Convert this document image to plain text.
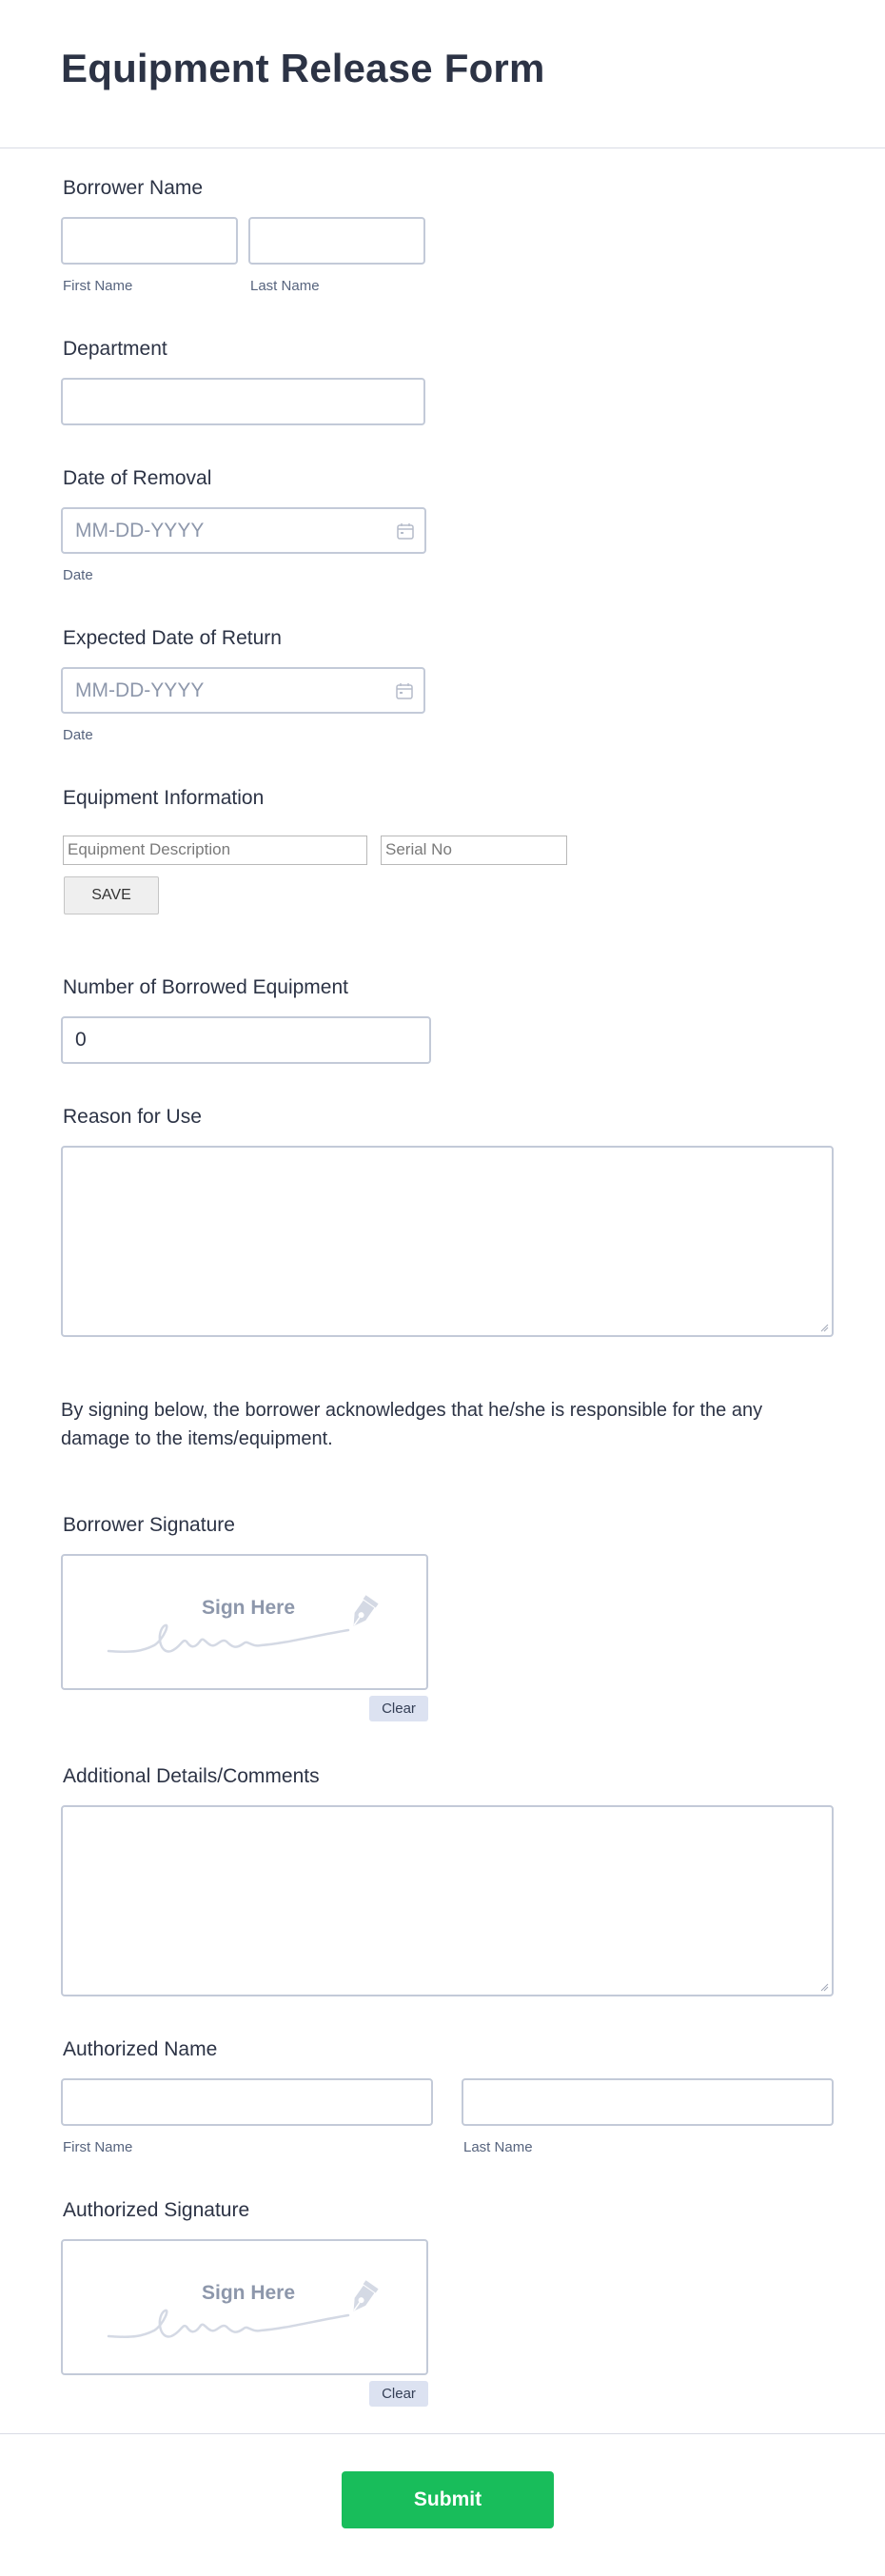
Equipment Release Form
Borrower Name
First Name	Last Name
Department
Date of Removal
MM-DD-YYYY
Date
Expected Date of Return
MM-DD-YYYY
Date
Equipment Information
Equipment Description	Serial No
SAVE
Number of Borrowed Equipment
0
Reason for Use
By signing below, the borrower acknowledges that he/she is responsible for the any damage to the items/equipment.
Borrower Signature
Sign Here
Clear
Additional Details/Comments
Authorized Name
First Name	Last Name
Authorized Signature
Sign Here
Clear
Submit
